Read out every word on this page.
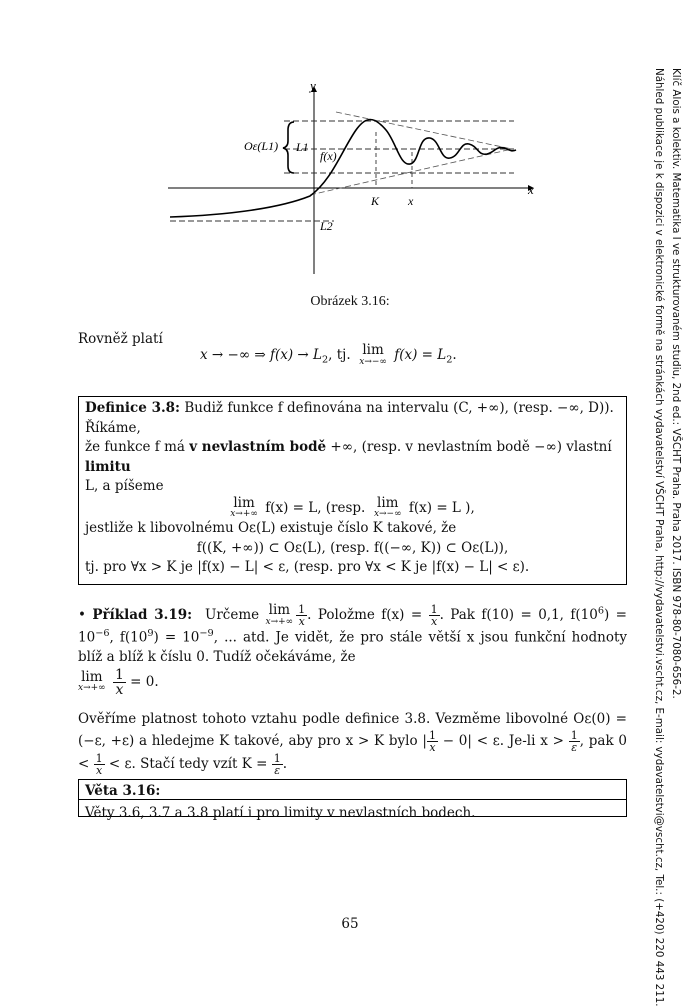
y
x
Oε(L1) L1
f(x)
K x
L2
Obrázek 3.16:
Rovněž platí
x → −∞ ⇒ $f(x) \to L_2$, tj. lim
x→−∞ $f(x) = L_2$.

Definice 3.8: Budiž funkce f definována na intervalu (C, +∞), (resp. −∞, D)). Říkáme,

že funkce f má v nevlastním bodě +∞, (resp. v nevlastním bodě −∞) vlastní limitu

L, a píšeme

lim
x→+∞ f(x) = L, (resp. lim
x→−∞ f(x) = L ),

jestliže k libovolnému Oε(L) existuje číslo K takové, že

f((K, +∞)) ⊂ Oε(L), (resp. f((−∞, K)) ⊂ Oε(L)),

tj. pro ∀x > K je |f(x) − L| < ε, (resp. pro ∀x < K je |f(x) − L| < ε).

• Příklad 3.19: Určeme lim
$x\to+\infty \frac{1}{x}$ . Položme $f(x) = \frac{1}{x}$ . Pak f(10) = 0,1, $f(10^6) = 10^{-6}$, $f(10^9) = 10^{-9}$, ... atd. Je vidět, že pro stále větší x jsou funkční hodnoty blíž a blíž k číslu 0. Tudíž očekáváme, že

lim
x→+∞
$\frac{1}{x} = 0$.

Ověříme platnost tohoto vztahu podle definice 3.8. Vezměme libovolné Oε(0) = (−ε, +ε) a hledejme K takové, aby pro x > K bylo | $\frac{1}{x} - 0| < \varepsilon$. Je-li $x > \frac{1}{\varepsilon}$ , pak $0 < \frac{1}{x} < \varepsilon$. Stačí tedy vzít $K = \frac{1}{\varepsilon}$ .

Věta 3.16:
Věty 3.6, 3.7 a 3.8 platí i pro limity v nevlastních bodech.
65
Klíč Alois a kolektiv. Matematika I ve strukturovaném studiu, 2nd ed.: VŠCHT Praha. Praha 2017. ISBN 978-80-7080-656-2.
Náhled publikace je k dispozici v elektronické formě na stránkách vydavatelství VŠCHT Praha, http://vydavatelstvi.vscht.cz, E-mail: vydavatelstvi@vscht.cz, Tel.: (+420) 220 443 211.
